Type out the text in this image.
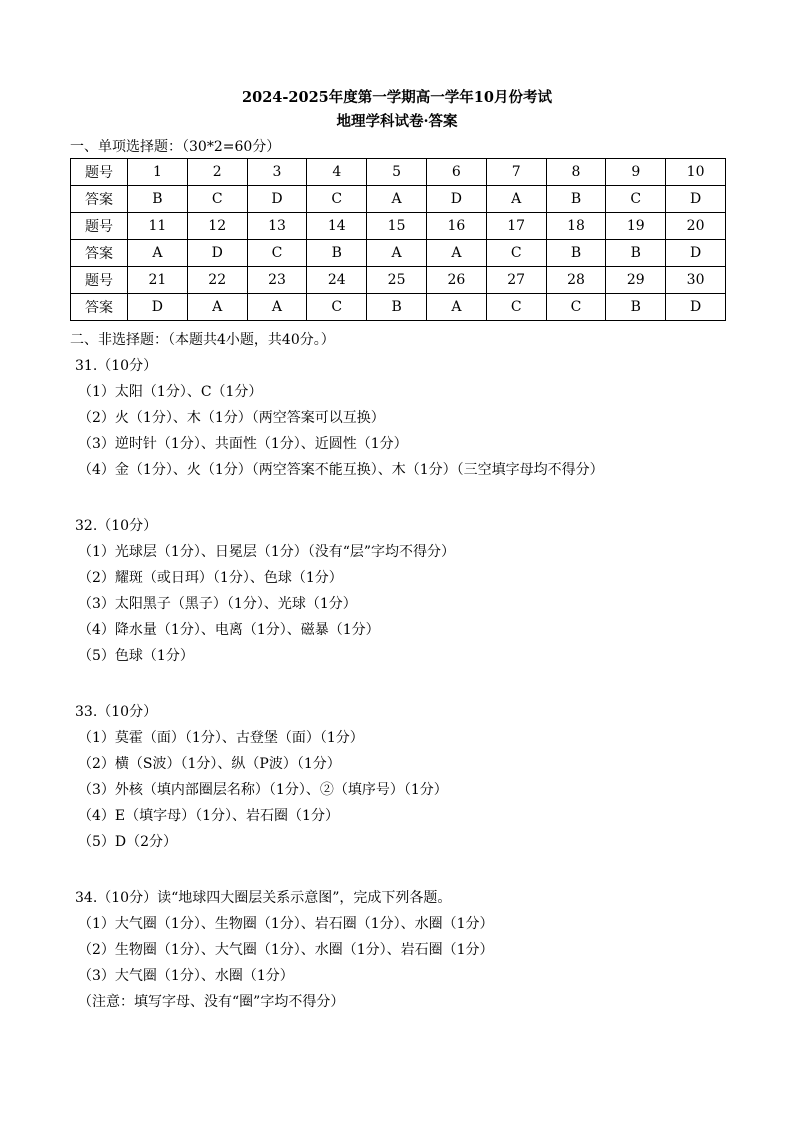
2024-2025年度第一学期高一学年10月份考试
地理学科试卷·答案
一、单项选择题：（30*2=60分）
题号	1	2	3	4	5	6	7	8	9	10
答案	B	C	D	C	A	D	A	B	C	D
题号	11	12	13	14	15	16	17	18	19	20
答案	A	D	C	B	A	A	C	B	B	D
题号	21	22	23	24	25	26	27	28	29	30
答案	D	A	A	C	B	A	C	C	B	D
二、非选择题：（本题共4小题，共40分。）
31.（10分）
（1）太阳（1分）、C（1分）
（2）火（1分）、木（1分）（两空答案可以互换）
（3）逆时针（1分）、共面性（1分）、近圆性（1分）
（4）金（1分）、火（1分）（两空答案不能互换）、木（1分）（三空填字母均不得分）
32.（10分）
（1）光球层（1分）、日冕层（1分）（没有“层”字均不得分）
（2）耀斑（或日珥）（1分）、色球（1分）
（3）太阳黑子（黑子）（1分）、光球（1分）
（4）降水量（1分）、电离（1分）、磁暴（1分）
（5）色球（1分）
33.（10分）
（1）莫霍（面）（1分）、古登堡（面）（1分）
（2）横（S波）（1分）、纵（P波）（1分）
（3）外核（填内部圈层名称）（1分）、②（填序号）（1分）
（4）E（填字母）（1分）、岩石圈（1分）
（5）D（2分）
34.（10分）读“地球四大圈层关系示意图”，完成下列各题。
（1）大气圈（1分）、生物圈（1分）、岩石圈（1分）、水圈（1分）
（2）生物圈（1分）、大气圈（1分）、水圈（1分）、岩石圈（1分）
（3）大气圈（1分）、水圈（1分）
（注意：填写字母、没有“圈”字均不得分）
